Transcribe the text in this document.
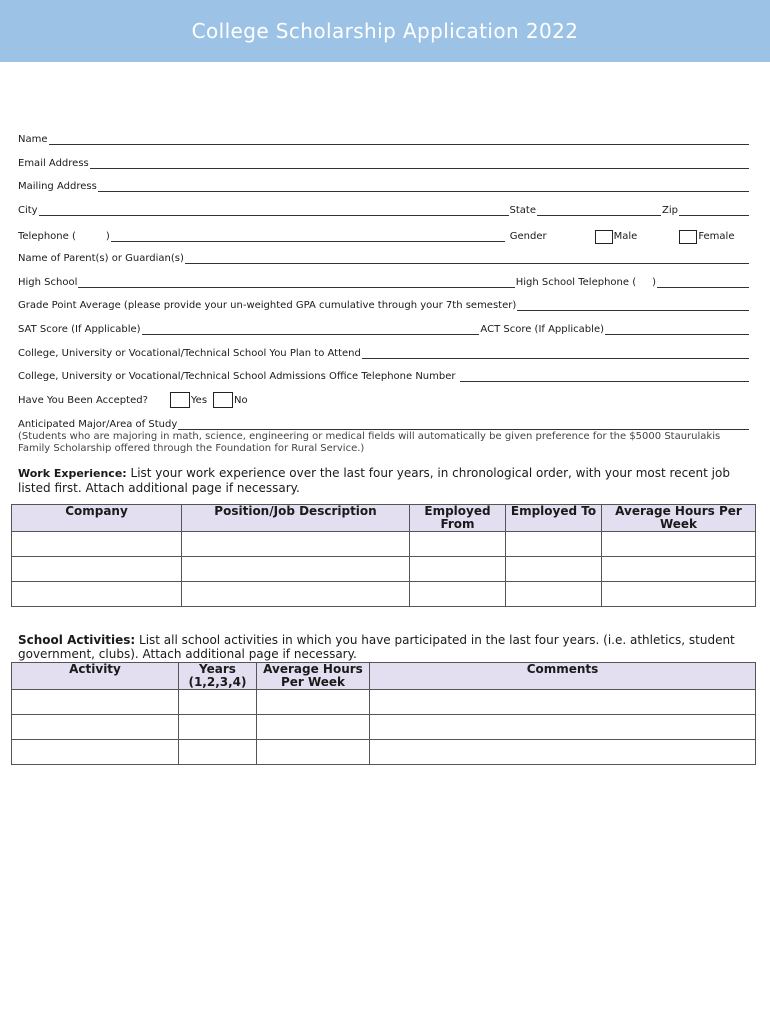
College Scholarship Application 2022
Name
Email Address
Mailing Address
City	State	Zip
Telephone (	)	Gender	Male	Female
Name of Parent(s) or Guardian(s)
High School	High School Telephone ( )
Grade Point Average (please provide your un-weighted GPA cumulative through your 7th semester)
SAT Score (If Applicable)	ACT Score (If Applicable)
College, University or Vocational/Technical School You Plan to Attend
College, University or Vocational/Technical School Admissions Office Telephone Number
Have You Been Accepted?	Yes	No
Anticipated Major/Area of Study
(Students who are majoring in math, science, engineering or medical fields will automatically be given preference for the $5000 Staurulakis Family Scholarship offered through the Foundation for Rural Service.)
Work Experience: List your work experience over the last four years, in chronological order, with your most recent job listed first. Attach additional page if necessary.
Company	Position/Job Description	Employed From	Employed To	Average Hours Per Week

School Activities: List all school activities in which you have participated in the last four years. (i.e. athletics, student government, clubs). Attach additional page if necessary.
Activity	Years (1,2,3,4)	Average Hours Per Week	Comments
